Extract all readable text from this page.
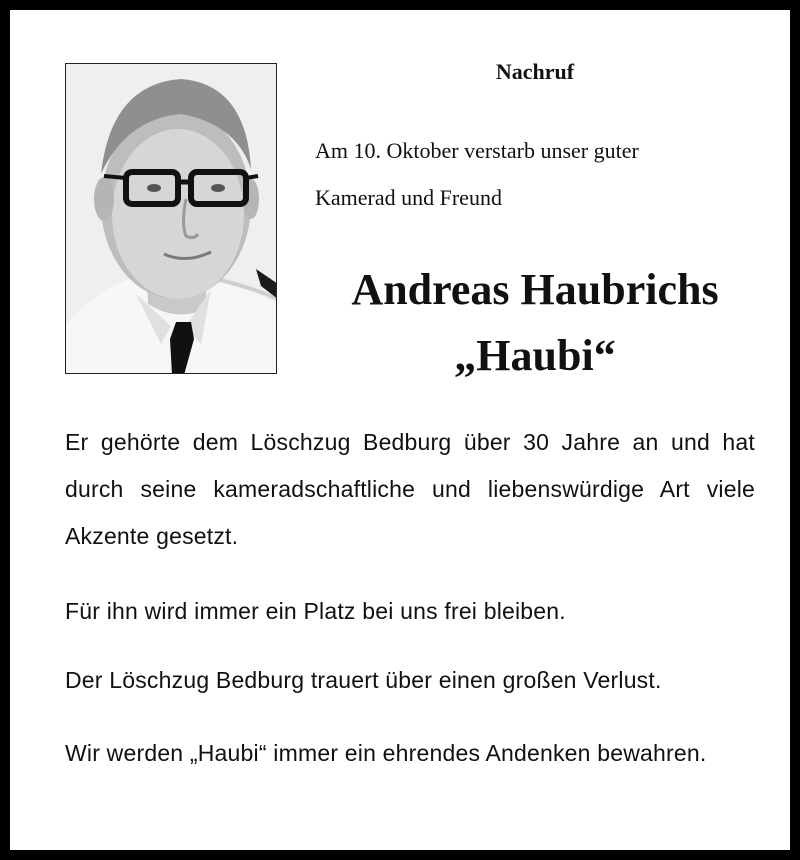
Nachruf
Am 10. Oktober verstarb unser guter
Kamerad und Freund
Andreas Haubrichs
„Haubi“
Er gehörte dem Löschzug Bedburg über 30 Jahre an und hat durch seine kameradschaftliche und liebenswürdige Art viele Akzente gesetzt.
Für ihn wird immer ein Platz bei uns frei bleiben.
Der Löschzug Bedburg trauert über einen großen Verlust.
Wir werden „Haubi“ immer ein ehrendes Andenken bewahren.
